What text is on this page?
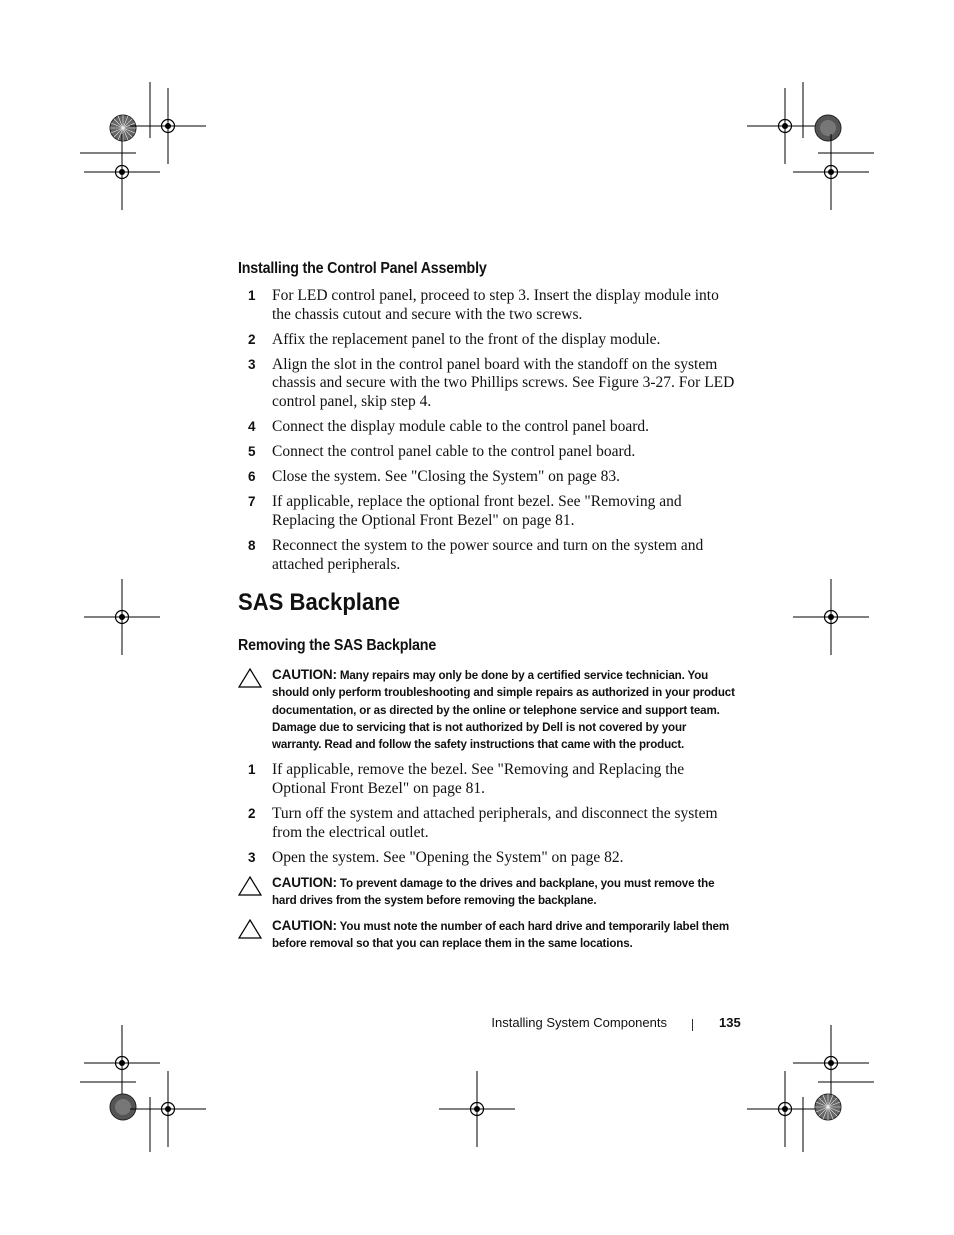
Installing the Control Panel Assembly
1 For LED control panel, proceed to step 3. Insert the display module into the chassis cutout and secure with the two screws.
2 Affix the replacement panel to the front of the display module.
3 Align the slot in the control panel board with the standoff on the system chassis and secure with the two Phillips screws. See Figure 3-27. For LED control panel, skip step 4.
4 Connect the display module cable to the control panel board.
5 Connect the control panel cable to the control panel board.
6 Close the system. See "Closing the System" on page 83.
7 If applicable, replace the optional front bezel. See "Removing and Replacing the Optional Front Bezel" on page 81.
8 Reconnect the system to the power source and turn on the system and attached peripherals.
SAS Backplane
Removing the SAS Backplane
CAUTION: Many repairs may only be done by a certified service technician. You should only perform troubleshooting and simple repairs as authorized in your product documentation, or as directed by the online or telephone service and support team. Damage due to servicing that is not authorized by Dell is not covered by your warranty. Read and follow the safety instructions that came with the product.
1 If applicable, remove the bezel. See "Removing and Replacing the Optional Front Bezel" on page 81.
2 Turn off the system and attached peripherals, and disconnect the system from the electrical outlet.
3 Open the system. See "Opening the System" on page 82.
CAUTION: To prevent damage to the drives and backplane, you must remove the hard drives from the system before removing the backplane.
CAUTION: You must note the number of each hard drive and temporarily label them before removal so that you can replace them in the same locations.
Installing System Components	135
